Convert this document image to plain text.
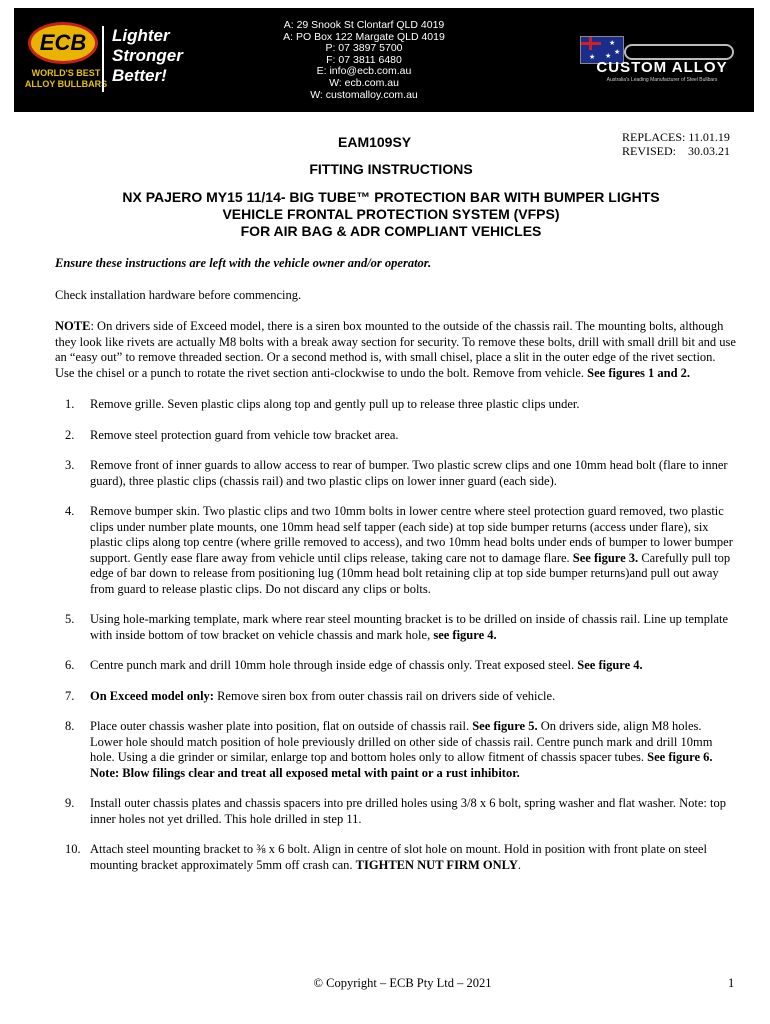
ECB
WORLD'S BEST
ALLOY BULLBARS
Lighter
Stronger
Better!
A: 29 Snook St Clontarf QLD 4019
A: PO Box 122 Margate QLD 4019
P: 07 3897 5700
F: 07 3811 6480
E: info@ecb.com.au
W: ecb.com.au
W: customalloy.com.au
★
★
★
★
CUSTOM ALLOY
Australia's Leading Manufacturer of Steel Bullbars
EAM109SY	REPLACES: 11.01.19
REVISED: 30.03.21
FITTING INSTRUCTIONS
NX PAJERO MY15 11/14- BIG TUBE™ PROTECTION BAR WITH BUMPER LIGHTS
VEHICLE FRONTAL PROTECTION SYSTEM (VFPS)
FOR AIR BAG & ADR COMPLIANT VEHICLES

Ensure these instructions are left with the vehicle owner and/or operator.

Check installation hardware before commencing.

NOTE: On drivers side of Exceed model, there is a siren box mounted to the outside of the chassis rail. The mounting bolts, although they look like rivets are actually M8 bolts with a break away section for security. To remove these bolts, drill with small drill bit and use an “easy out” to remove threaded section. Or a second method is, with small chisel, place a slit in the outer edge of the rivet section. Use the chisel or a punch to rotate the rivet section anti-clockwise to undo the bolt. Remove from vehicle. See figures 1 and 2.

1. Remove grille. Seven plastic clips along top and gently pull up to release three plastic clips under.
2. Remove steel protection guard from vehicle tow bracket area.
3. Remove front of inner guards to allow access to rear of bumper. Two plastic screw clips and one 10mm head bolt (flare to inner guard), three plastic clips (chassis rail) and two plastic clips on lower inner guard (each side).
4. Remove bumper skin. Two plastic clips and two 10mm bolts in lower centre where steel protection guard removed, two plastic clips under number plate mounts, one 10mm head self tapper (each side) at top side bumper returns (access under flare), six plastic clips along top centre (where grille removed to access), and two 10mm head bolts under ends of bumper to lower bumper support. Gently ease flare away from vehicle until clips release, taking care not to damage flare. See figure 3. Carefully pull top edge of bar down to release from positioning lug (10mm head bolt retaining clip at top side bumper returns)and pull out away from guard to release plastic clips. Do not discard any clips or bolts.
5. Using hole-marking template, mark where rear steel mounting bracket is to be drilled on inside of chassis rail. Line up template with inside bottom of tow bracket on vehicle chassis and mark hole, see figure 4.
6. Centre punch mark and drill 10mm hole through inside edge of chassis only. Treat exposed steel. See figure 4.
7. On Exceed model only: Remove siren box from outer chassis rail on drivers side of vehicle.
8. Place outer chassis washer plate into position, flat on outside of chassis rail. See figure 5. On drivers side, align M8 holes. Lower hole should match position of hole previously drilled on other side of chassis rail. Centre punch mark and drill 10mm hole. Using a die grinder or similar, enlarge top and bottom holes only to allow fitment of chassis spacer tubes. See figure 6. Note: Blow filings clear and treat all exposed metal with paint or a rust inhibitor.
9. Install outer chassis plates and chassis spacers into pre drilled holes using 3/8 x 6 bolt, spring washer and flat washer. Note: top inner holes not yet drilled. This hole drilled in step 11.
10. Attach steel mounting bracket to ⅜ x 6 bolt. Align in centre of slot hole on mount. Hold in position with front plate on steel mounting bracket approximately 5mm off crash can. TIGHTEN NUT FIRM ONLY.
© Copyright – ECB Pty Ltd – 2021	1
